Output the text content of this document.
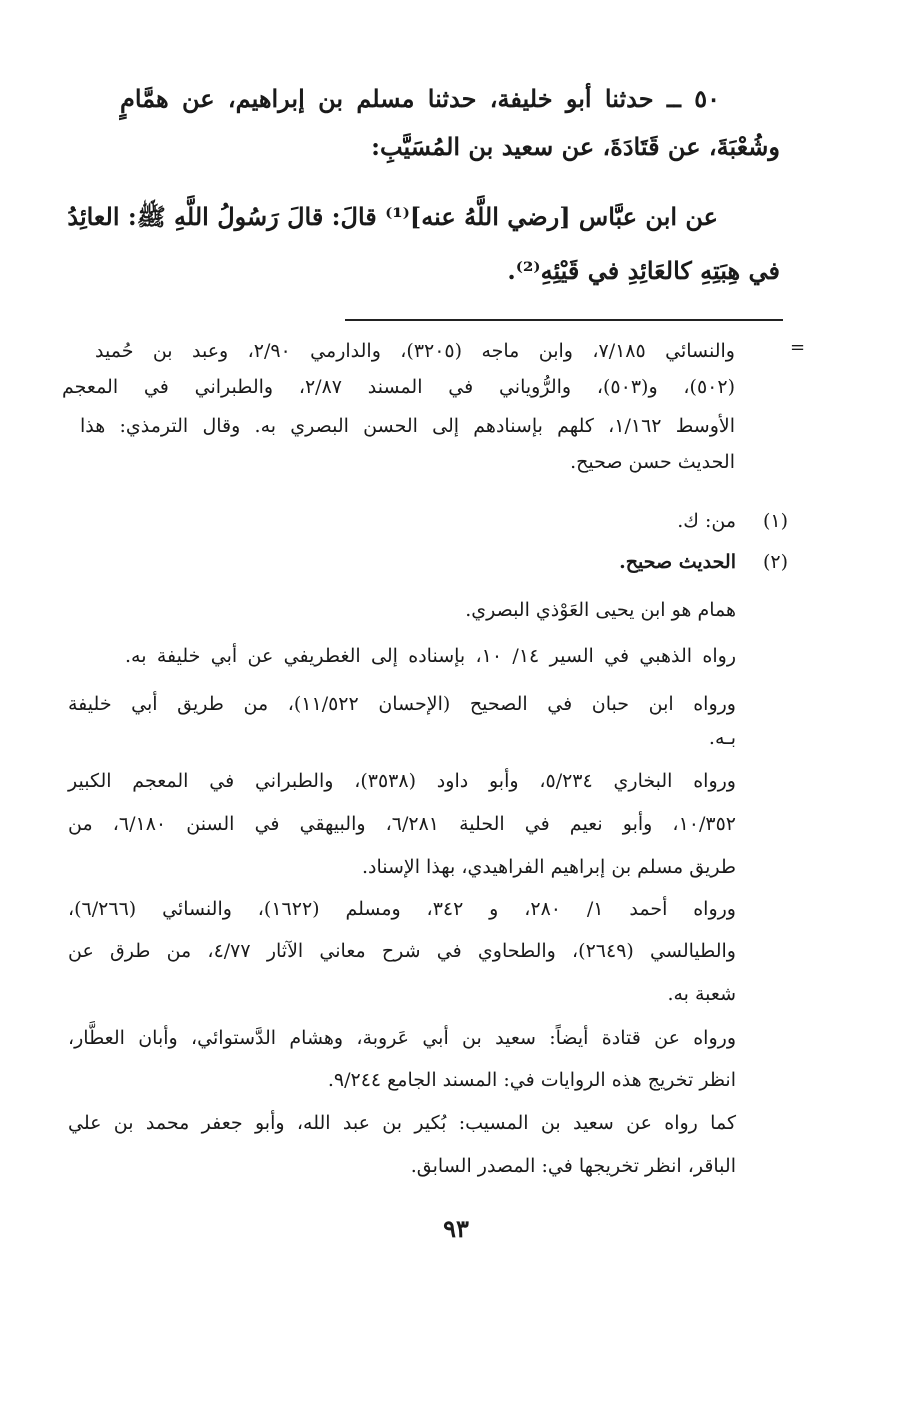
٥٠ ــ حدثنا أبو خليفة، حدثنا مسلم بن إبراهيم، عن همَّامٍ
وشُعْبَةَ، عن قَتَادَةَ، عن سعيد بن المُسَيَّبِ:
عن ابن عبَّاس [رضي اللَّهُ عنه]⁽¹⁾ قالَ: قالَ رَسُولُ اللَّهِ ﷺ: العائِدُ
في هِبَتِهِ كالعَائِدِ في قَيْئِهِ⁽²⁾.
=
والنسائي ٧/١٨٥، وابن ماجه (٣٢٠٥)، والدارمي ٢/٩٠، وعبد بن حُميد
(٥٠٢)، و(٥٠٣)، والرُّوياني في المسند ٢/٨٧، والطبراني في المعجم
الأوسط ١/١٦٢، كلهم بإسنادهم إلى الحسن البصري به. وقال الترمذي: هذا
الحديث حسن صحيح.
(١)
من: ك.
(٢)
الحديث صحيح.
همام هو ابن يحيى العَوْذي البصري.
رواه الذهبي في السير ١٤/ ١٠، بإسناده إلى الغطريفي عن أبي خليفة به.
ورواه ابن حبان في الصحيح (الإحسان ١١/٥٢٢)، من طريق أبي خليفة
بـه.
ورواه البخاري ٥/٢٣٤، وأبو داود (٣٥٣٨)، والطبراني في المعجم الكبير
١٠/٣٥٢، وأبو نعيم في الحلية ٦/٢٨١، والبيهقي في السنن ٦/١٨٠، من
طريق مسلم بن إبراهيم الفراهيدي، بهذا الإسناد.
ورواه أحمد ١/ ٢٨٠، و ٣٤٢، ومسلم (١٦٢٢)، والنسائي (٦/٢٦٦)،
والطيالسي (٢٦٤٩)، والطحاوي في شرح معاني الآثار ٤/٧٧، من طرق عن
شعبة به.
ورواه عن قتادة أيضاً: سعيد بن أبي عَروبة، وهشام الدَّستوائي، وأبان العطَّار،
انظر تخريج هذه الروايات في: المسند الجامع ٩/٢٤٤.
كما رواه عن سعيد بن المسيب: بُكير بن عبد الله، وأبو جعفر محمد بن علي
الباقر، انظر تخريجها في: المصدر السابق.
٩٣
